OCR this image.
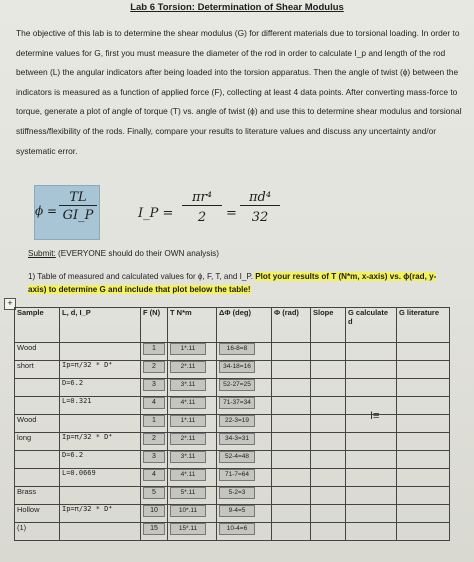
Lab 6 Torsion: Determination of Shear Modulus
The objective of this lab is to determine the shear modulus (G) for different materials due to torsional loading. In order to determine values for G, first you must measure the diameter of the rod in order to calculate I_p and length of the rod between (L) the angular indicators after being loaded into the torsion apparatus. Then the angle of twist (ϕ) between the indicators is measured as a function of applied force (F), collecting at least 4 data points. After converting mass-force to torque, generate a plot of angle of torque (T) vs. angle of twist (ϕ) and use this to determine shear modulus and torsional stiffness/flexibility of the rods. Finally, compare your results to literature values and discuss any uncertainty and/or systematic error.
ϕ =
TL
GI_P	I_P =
πr⁴
2	=
πd⁴
32
Submit: (EVERYONE should do their OWN analysis)
1) Table of measured and calculated values for ϕ, F, T, and I_P. Plot your results of T (N*m, x-axis) vs. ϕ(rad, y-axis) to determine G and include that plot below the table!
+
Sample	L, d, I_P	F (N)	T N*m	ΔΦ (deg)	Φ (rad)	Slope	G calculate d	G literature
Wood		1	1*.11	16-8=8				
short	Ip=π/32 * D⁴	2	2*.11	34-18=16				
	D=6.2	3	3*.11	52-27=25				
	L=0.321	4	4*.11	71-37=34				
Wood		1	1*.11	22-3=19				
long	Ip=π/32 * D⁴	2	2*.11	34-3=31				
	D=6.2	3	3*.11	52-4=48				
	L=0.0669	4	4*.11	71-7=64				
Brass		5	5*.11	5-2=3				
Hollow	Ip=π/32 * D⁴	10	10*.11	9-4=5				
(1)		15	15*.11	10-4=6				
I≡
